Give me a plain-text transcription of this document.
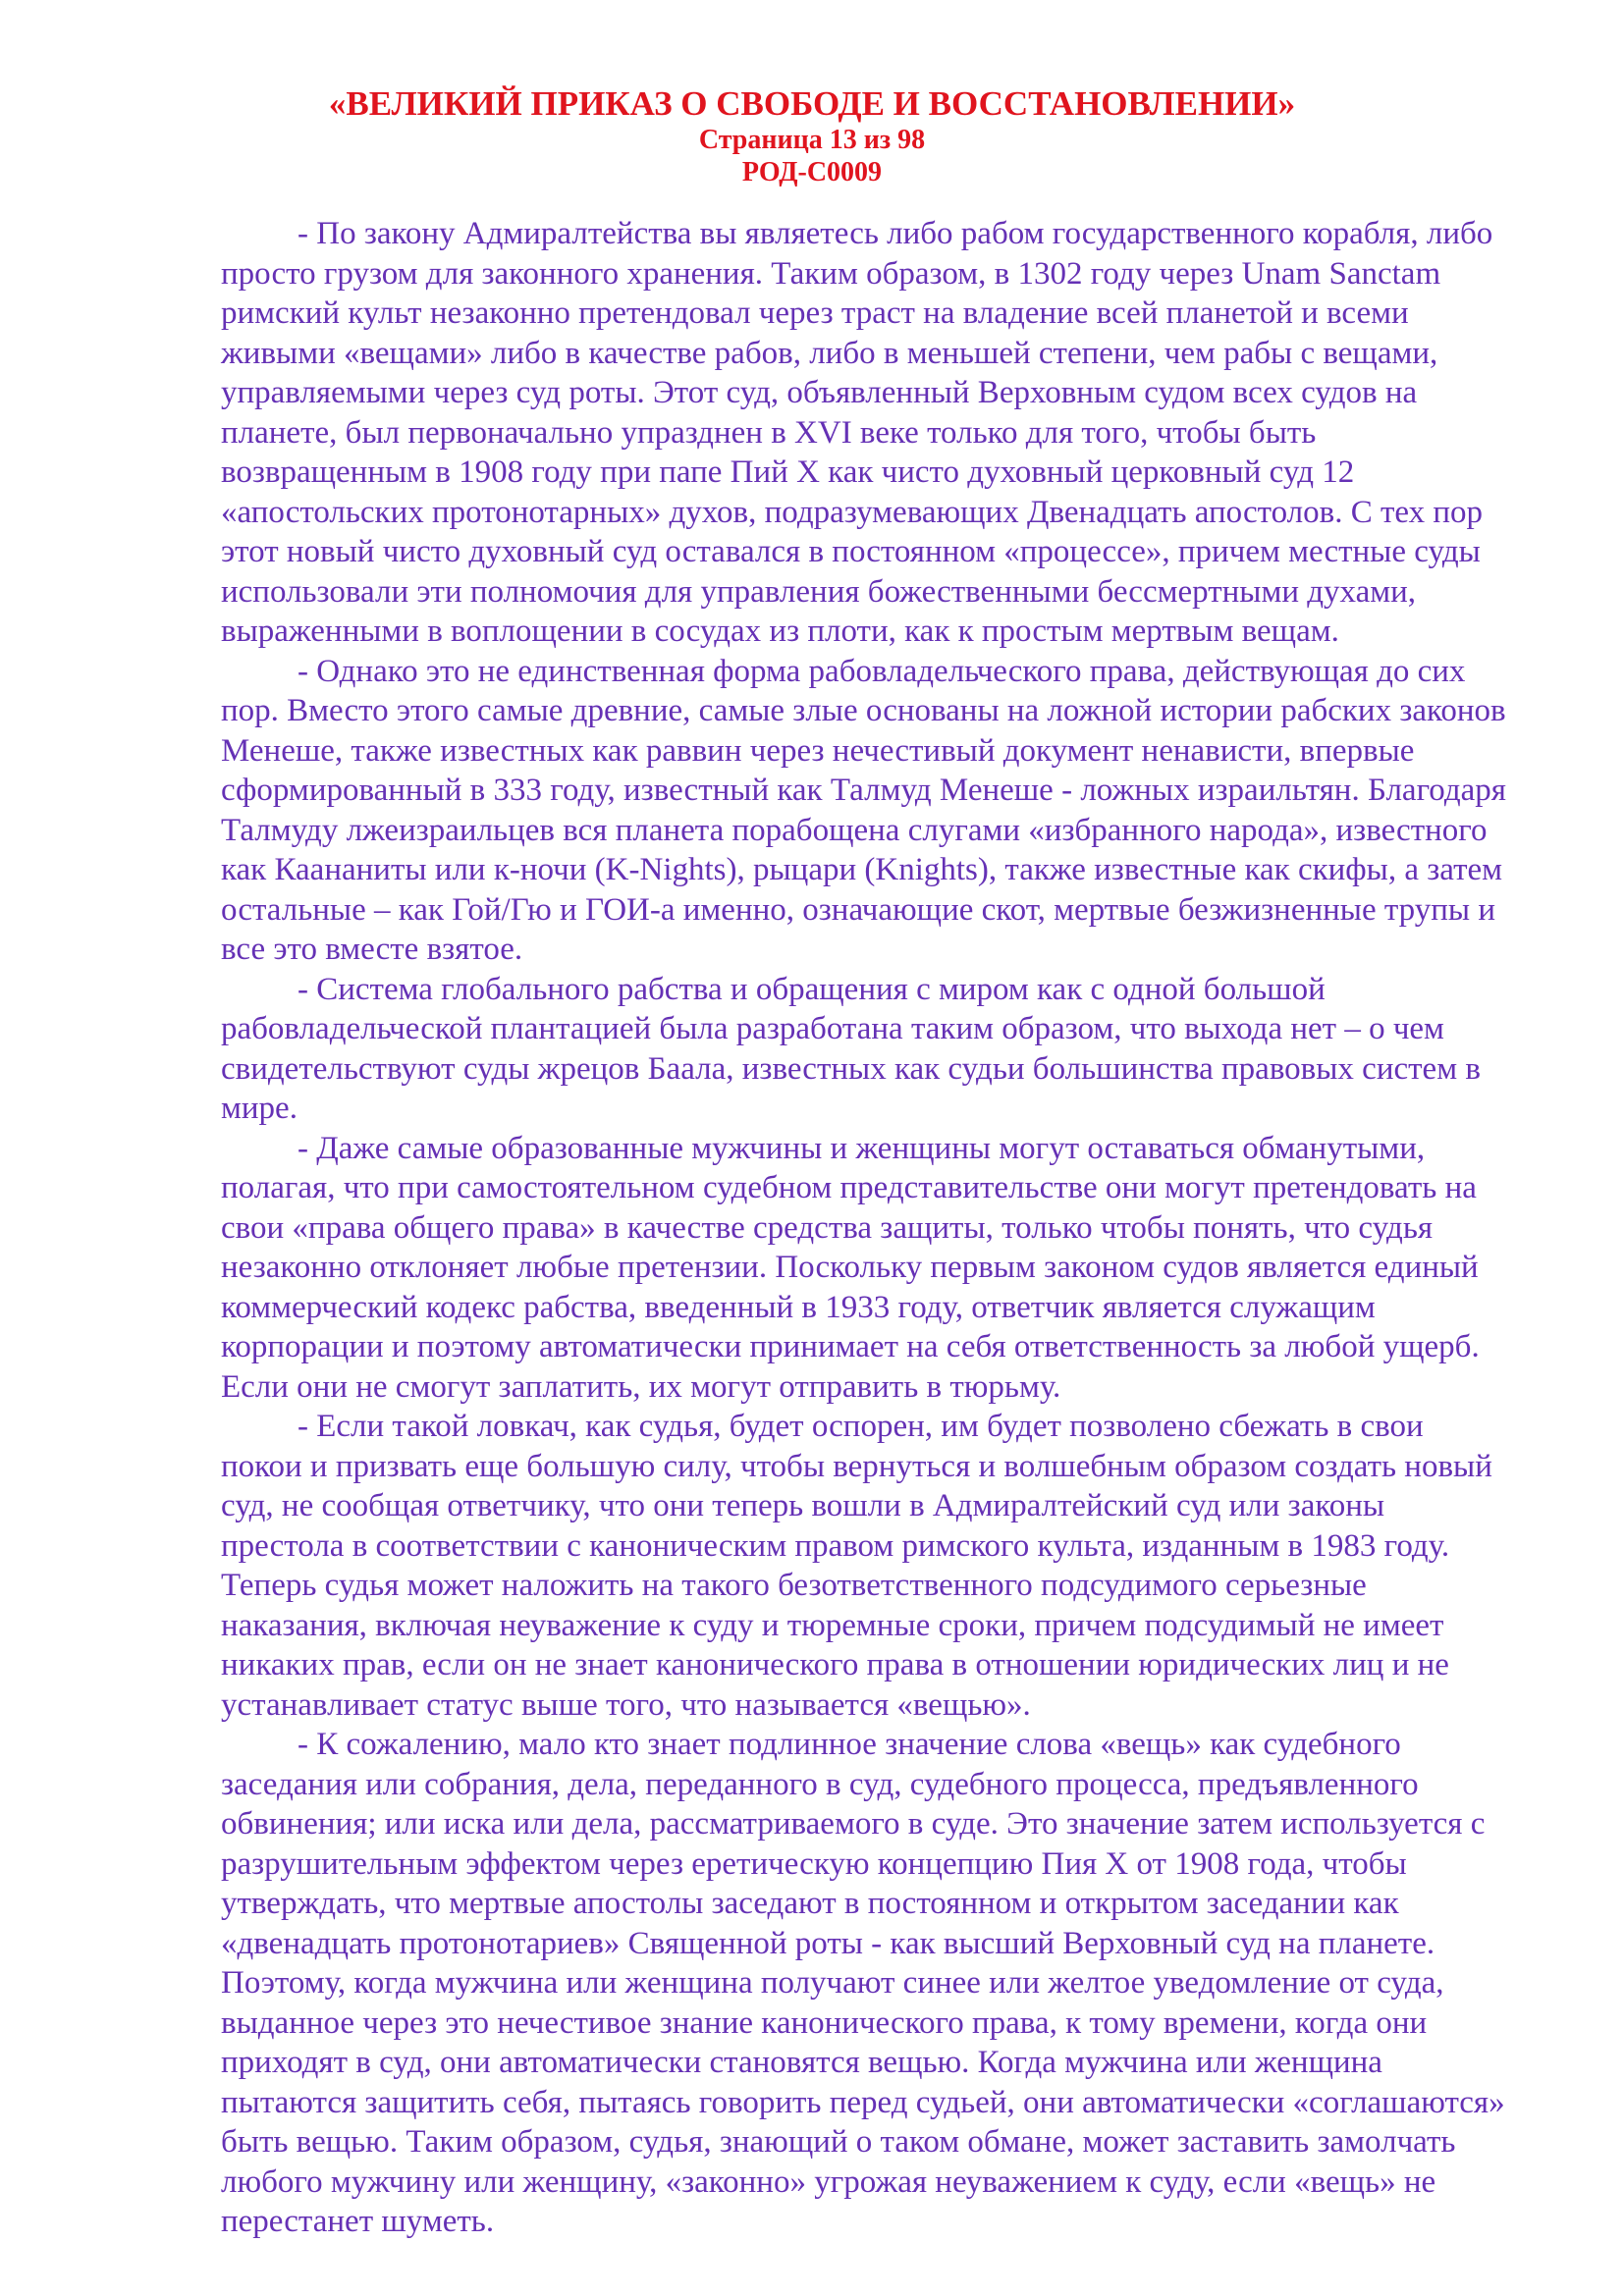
«ВЕЛИКИЙ ПРИКАЗ О СВОБОДЕ И ВОССТАНОВЛЕНИИ»
Страница 13 из 98
РОД-С0009

- По закону Адмиралтейства вы являетесь либо рабом государственного корабля, либо просто грузом для законного хранения. Таким образом, в 1302 году через Unam Sanctam римский культ незаконно претендовал через траст на владение всей планетой и всеми живыми «вещами» либо в качестве рабов, либо в меньшей степени, чем рабы с вещами, управляемыми через суд роты. Этот суд, объявленный Верховным судом всех судов на планете, был первоначально упразднен в XVI веке только для того, чтобы быть возвращенным в 1908 году при папе Пий X как чисто духовный церковный суд 12 «апостольских протонотарных» духов, подразумевающих Двенадцать апостолов. С тех пор этот новый чисто духовный суд оставался в постоянном «процессе», причем местные суды использовали эти полномочия для управления божественными бессмертными духами, выраженными в воплощении в сосудах из плоти, как к простым мертвым вещам.

- Однако это не единственная форма рабовладельческого права, действующая до сих пор. Вместо этого самые древние, самые злые основаны на ложной истории рабских законов Менеше, также известных как раввин через нечестивый документ ненависти, впервые сформированный в 333 году, известный как Талмуд Менеше - ложных израильтян. Благодаря Талмуду лжеизраильцев вся планета порабощена слугами «избранного народа», известного как Каананиты или к-ночи (K-Nights), рыцари (Knights), также известные как скифы, а затем остальные – как Гой/Гю и ГОИ-а именно, означающие скот, мертвые безжизненные трупы и все это вместе взятое.

- Система глобального рабства и обращения с миром как с одной большой рабовладельческой плантацией была разработана таким образом, что выхода нет – о чем свидетельствуют суды жрецов Баала, известных как судьи большинства правовых систем в мире.

- Даже самые образованные мужчины и женщины могут оставаться обманутыми, полагая, что при самостоятельном судебном представительстве они могут претендовать на свои «права общего права» в качестве средства защиты, только чтобы понять, что судья незаконно отклоняет любые претензии. Поскольку первым законом судов является единый коммерческий кодекс рабства, введенный в 1933 году, ответчик является служащим корпорации и поэтому автоматически принимает на себя ответственность за любой ущерб. Если они не смогут заплатить, их могут отправить в тюрьму.

- Если такой ловкач, как судья, будет оспорен, им будет позволено сбежать в свои покои и призвать еще большую силу, чтобы вернуться и волшебным образом создать новый суд, не сообщая ответчику, что они теперь вошли в Адмиралтейский суд или законы престола в соответствии с каноническим правом римского культа, изданным в 1983 году. Теперь судья может наложить на такого безответственного подсудимого серьезные наказания, включая неуважение к суду и тюремные сроки, причем подсудимый не имеет никаких прав, если он не знает канонического права в отношении юридических лиц и не устанавливает статус выше того, что называется «вещью».

- К сожалению, мало кто знает подлинное значение слова «вещь» как судебного заседания или собрания, дела, переданного в суд, судебного процесса, предъявленного обвинения; или иска или дела, рассматриваемого в суде. Это значение затем используется с разрушительным эффектом через еретическую концепцию Пия X от 1908 года, чтобы утверждать, что мертвые апостолы заседают в постоянном и открытом заседании как «двенадцать протонотариев» Священной роты - как высший Верховный суд на планете. Поэтому, когда мужчина или женщина получают синее или желтое уведомление от суда, выданное через это нечестивое знание канонического права, к тому времени, когда они приходят в суд, они автоматически становятся вещью. Когда мужчина или женщина пытаются защитить себя, пытаясь говорить перед судьей, они автоматически «соглашаются» быть вещью. Таким образом, судья, знающий о таком обмане, может заставить замолчать любого мужчину или женщину, «законно» угрожая неуважением к суду, если «вещь» не перестанет шуметь.
